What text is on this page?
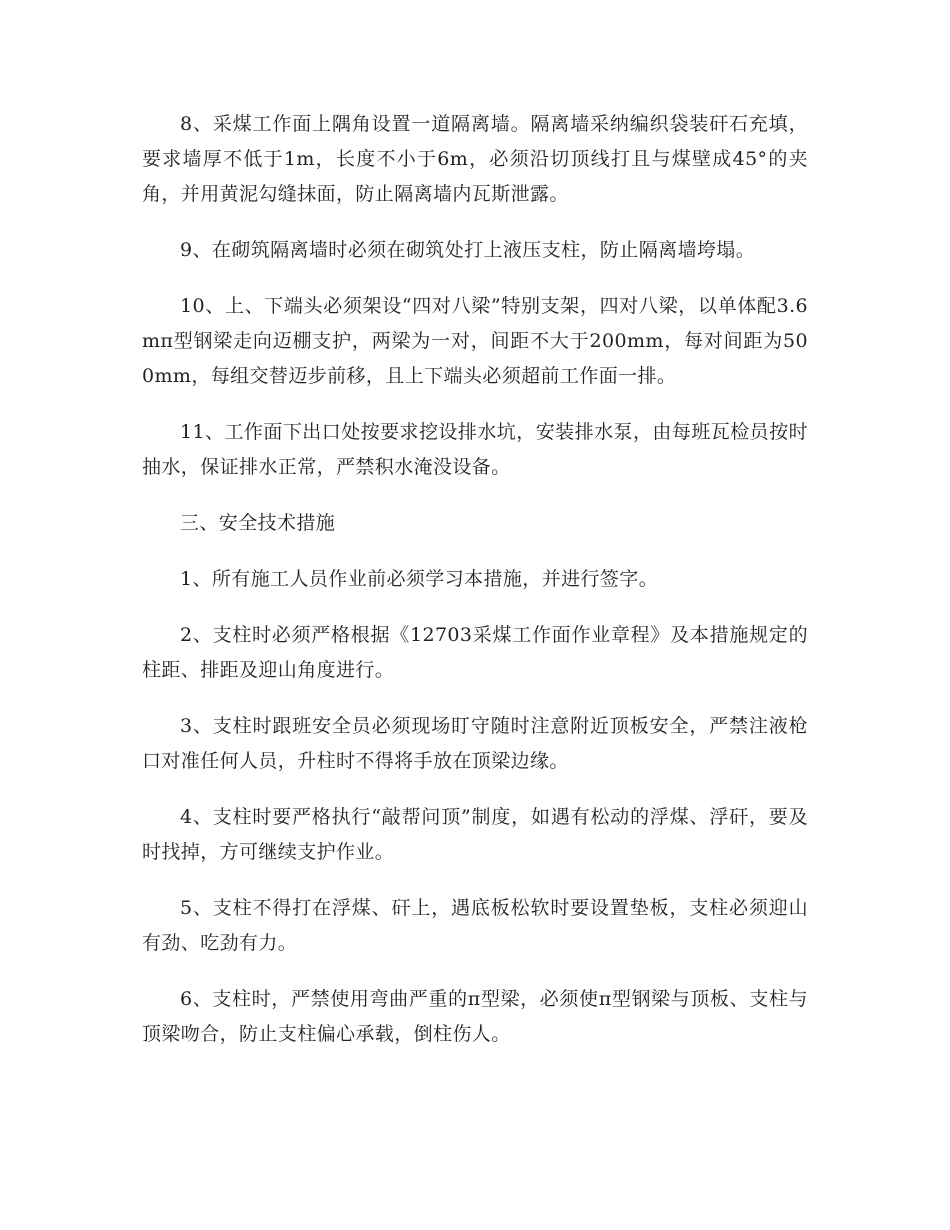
8、采煤工作面上隅角设置一道隔离墙。隔离墙采纳编织袋装矸石充填，要求墙厚不低于1m，长度不小于6m，必须沿切顶线打且与煤壁成45°的夹角，并用黄泥勾缝抹面，防止隔离墙内瓦斯泄露。

9、在砌筑隔离墙时必须在砌筑处打上液压支柱，防止隔离墙垮塌。

10、上、下端头必须架设“四对八梁”特别支架，四对八梁，以单体配3.6mπ型钢梁走向迈棚支护，两梁为一对，间距不大于200mm，每对间距为500mm，每组交替迈步前移，且上下端头必须超前工作面一排。

11、工作面下出口处按要求挖设排水坑，安装排水泵，由每班瓦检员按时抽水，保证排水正常，严禁积水淹没设备。

三、安全技术措施

1、所有施工人员作业前必须学习本措施，并进行签字。

2、支柱时必须严格根据《12703采煤工作面作业章程》及本措施规定的柱距、排距及迎山角度进行。

3、支柱时跟班安全员必须现场盯守随时注意附近顶板安全，严禁注液枪口对准任何人员，升柱时不得将手放在顶梁边缘。

4、支柱时要严格执行“敲帮问顶”制度，如遇有松动的浮煤、浮矸，要及时找掉，方可继续支护作业。

5、支柱不得打在浮煤、矸上，遇底板松软时要设置垫板，支柱必须迎山有劲、吃劲有力。

6、支柱时，严禁使用弯曲严重的π型梁，必须使π型钢梁与顶板、支柱与顶梁吻合，防止支柱偏心承载，倒柱伤人。
